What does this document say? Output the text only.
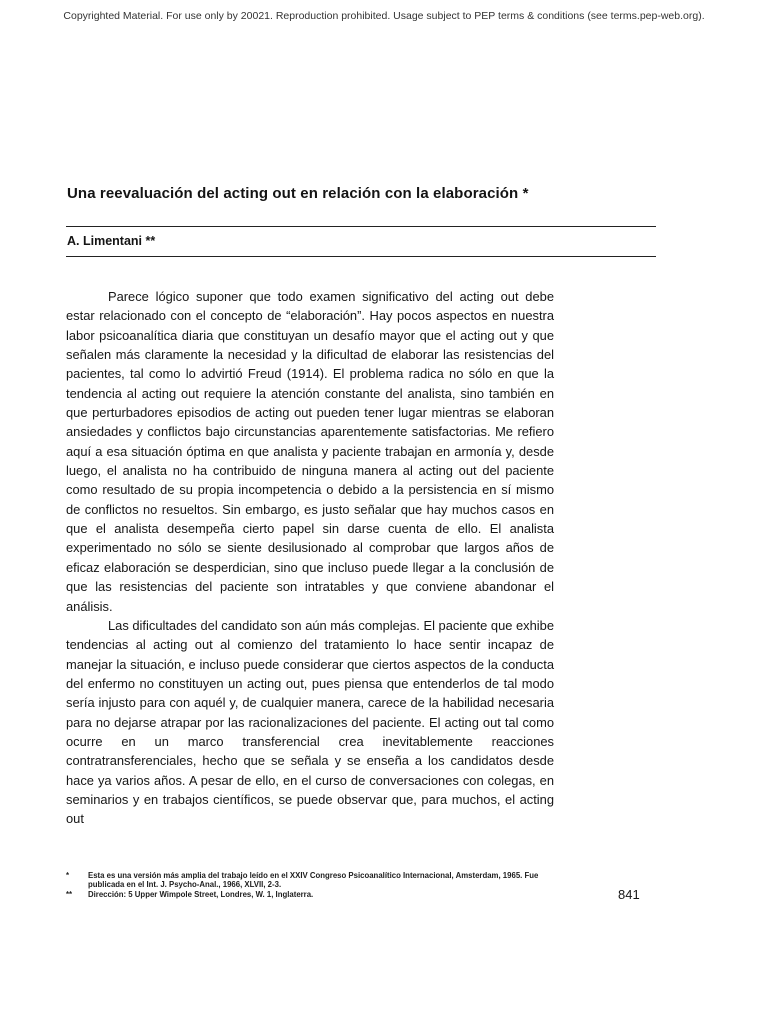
Copyrighted Material. For use only by 20021. Reproduction prohibited. Usage subject to PEP terms & conditions (see terms.pep-web.org).
Una reevaluación del acting out en relación con la elaboración *
A. Limentani **

Parece lógico suponer que todo examen significativo del acting out debe estar relacionado con el concepto de “elaboración”. Hay pocos aspectos en nuestra labor psicoanalítica diaria que constituyan un desafío mayor que el acting out y que señalen más claramente la necesidad y la dificultad de elaborar las resistencias del pacientes, tal como lo advirtió Freud (1914). El problema radica no sólo en que la tendencia al acting out requiere la atención constante del analista, sino también en que perturbadores episodios de acting out pueden tener lugar mientras se elaboran ansiedades y conflictos bajo circunstancias aparentemente satisfactorias. Me refiero aquí a esa situación óptima en que analista y paciente trabajan en armonía y, desde luego, el analista no ha contribuido de ninguna manera al acting out del paciente como resultado de su propia incompetencia o debido a la persistencia en sí mismo de conflictos no resueltos. Sin embargo, es justo señalar que hay muchos casos en que el analista desempeña cierto papel sin darse cuenta de ello. El analista experimentado no sólo se siente desilusionado al comprobar que largos años de eficaz elaboración se desperdician, sino que incluso puede llegar a la conclusión de que las resistencias del paciente son intratables y que conviene abandonar el análisis.

Las dificultades del candidato son aún más complejas. El paciente que exhibe tendencias al acting out al comienzo del tratamiento lo hace sentir incapaz de manejar la situación, e incluso puede considerar que ciertos aspectos de la conducta del enfermo no constituyen un acting out, pues piensa que entenderlos de tal modo sería injusto para con aquél y, de cualquier manera, carece de la habilidad necesaria para no dejarse atrapar por las racionalizaciones del paciente. El acting out tal como ocurre en un marco transferencial crea inevitablemente reacciones contratransferenciales, hecho que se señala y se enseña a los candidatos desde hace ya varios años. A pesar de ello, en el curso de conversaciones con colegas, en seminarios y en trabajos científicos, se puede observar que, para muchos, el acting out

*	Esta es una versión más amplia del trabajo leído en el XXIV Congreso Psicoanalítico Internacional, Amsterdam, 1965. Fue publicada en el Int. J. Psycho-Anal., 1966, XLVII, 2-3.
**	Dirección: 5 Upper Wimpole Street, Londres, W. 1, Inglaterra.	841
